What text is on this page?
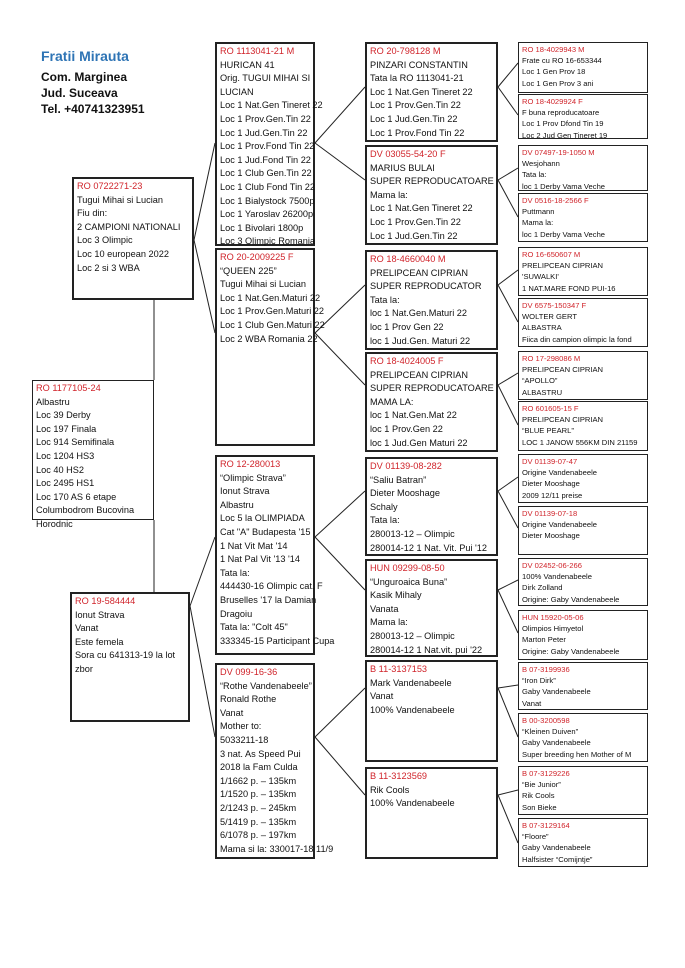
Fratii Mirauta
Com. Marginea
Jud. Suceava
Tel. +40741323951
RO 1177105-24
Albastru
Loc 39 Derby
Loc 197 Finala
Loc 914 Semifinala
Loc 1204 HS3
Loc 40 HS2
Loc 2495 HS1
Loc 170 AS 6 etape
Columbodrom Bucovina
Horodnic
RO 0722271-23
Tugui Mihai si Lucian
Fiu din:
2 CAMPIONI NATIONALI
Loc 3 Olimpic
Loc 10 european 2022
Loc 2 si 3 WBA
RO 19-584444
Ionut Strava
Vanat
Este femela
Sora cu 641313-19 la lot
zbor
RO 1113041-21 M
HURICAN 41
Orig. TUGUI MIHAI SI
LUCIAN
Loc 1 Nat.Gen Tineret 22
Loc 1 Prov.Gen.Tin 22
Loc 1 Jud.Gen.Tin 22
Loc 1 Prov.Fond Tin 22
Loc 1 Jud.Fond Tin 22
Loc 1 Club Gen.Tin 22
Loc 1 Club Fond Tin 22
Loc 1 Bialystock 7500p
Loc 1 Yaroslav 26200p
Loc 1 Bivolari 1800p
Loc 3 Olimpic Romania
RO 20-2009225 F
“QUEEN 225”
Tugui Mihai si Lucian
Loc 1 Nat.Gen.Maturi 22
Loc 1 Prov.Gen.Maturi 22
Loc 1 Club Gen.Maturi 22
Loc 2 WBA Romania 22
RO 12-280013
“Olimpic Strava”
Ionut Strava
Albastru
Loc 5 la OLIMPIADA
Cat "A" Budapesta '15
1 Nat Vit Mat '14
1 Nat Pal Vit '13 '14
Tata la:
444430-16 Olimpic cat. F
Bruselles '17 la Damian
Dragoiu
Tata la: "Colt 45"
333345-15 Participant Cupa
DV 099-16-36
“Rothe Vandenabeele”
Ronald Rothe
Vanat
Mother to:
5033211-18
3 nat. As Speed Pui
2018 la Fam Culda
1/1662 p. – 135km
1/1520 p. – 135km
2/1243 p. – 245km
5/1419 p. – 135km
6/1078 p. – 197km
Mama si la: 330017-18 11/9
RO 20-798128 M
PINZARI CONSTANTIN
Tata la RO 1113041-21
Loc 1 Nat.Gen Tineret 22
Loc 1 Prov.Gen.Tin 22
Loc 1 Jud.Gen.Tin 22
Loc 1 Prov.Fond Tin 22
DV 03055-54-20 F
MARIUS BULAI
SUPER REPRODUCATOARE
Mama la:
Loc 1 Nat.Gen Tineret 22
Loc 1 Prov.Gen.Tin 22
Loc 1 Jud.Gen.Tin 22
RO 18-4660040 M
PRELIPCEAN CIPRIAN
SUPER REPRODUCATOR
Tata la:
loc 1 Nat.Gen.Maturi 22
loc 1 Prov Gen 22
loc 1 Jud.Gen. Maturi 22
RO 18-4024005 F
PRELIPCEAN CIPRIAN
SUPER REPRODUCATOARE
MAMA LA:
loc 1 Nat.Gen.Mat 22
loc 1 Prov.Gen 22
loc 1 Jud.Gen Maturi 22
DV 01139-08-282
“Saliu Batran”
Dieter Mooshage
Schaly
Tata la:
280013-12 – Olimpic
280014-12 1 Nat. Vit. Pui '12
HUN 09299-08-50
“Unguroaica Buna”
Kasik Mihaly
Vanata
Mama la:
280013-12 – Olimpic
280014-12 1 Nat.vit. pui '22
B 11-3137153
Mark Vandenabeele
Vanat
100% Vandenabeele
B 11-3123569
Rik Cools
100% Vandenabeele
RO 18-4029943 M
Frate cu RO 16-653344
Loc 1 Gen Prov 18
Loc 1 Gen Prov 3 ani
RO 18-4029924 F
F buna reproducatoare
Loc 1 Prov Dfond Tin 19
Loc 2 Jud Gen Tineret 19
DV 07497-19-1050 M
Wesjohann
Tata la:
loc 1 Derby Vama Veche
DV 0516-18-2566 F
Puttmann
Mama la:
loc 1 Derby Vama Veche
RO 16-650607 M
PRELIPCEAN CIPRIAN
'SUWALKI'
1 NAT.MARE FOND PUI-16
DV 6575-150347 F
WOLTER GERT
ALBASTRA
Fiica din campion olimpic la fond
RO 17-298086 M
PRELIPCEAN CIPRIAN
“APOLLO”
ALBASTRU
RO 601605-15 F
PRELIPCEAN CIPRIAN
“BLUE PEARL”
LOC 1 JANOW 556KM DIN 21159
DV 01139-07-47
Origine Vandenabeele
Dieter Mooshage
2009 12/11 preise
DV 01139-07-18
Origine Vandenabeele
Dieter Mooshage
DV 02452-06-266
100% Vandenabeele
Dirk Zolland
Origine: Gaby Vandenabeele
HUN 15920-05-06
Olimpios Himyetol
Marton Peter
Origine: Gaby Vandenabeele
B 07-3199936
“Iron Dirk”
Gaby Vandenabeele
Vanat
B 00-3200598
“Kleinen Duiven”
Gaby Vandenabeele
Super breeding hen Mother of M
B 07-3129226
“Bie Junior”
Rik Cools
Son Bieke
B 07-3129164
“Floore”
Gaby Vandenabeele
Halfsister “Comijntje”
